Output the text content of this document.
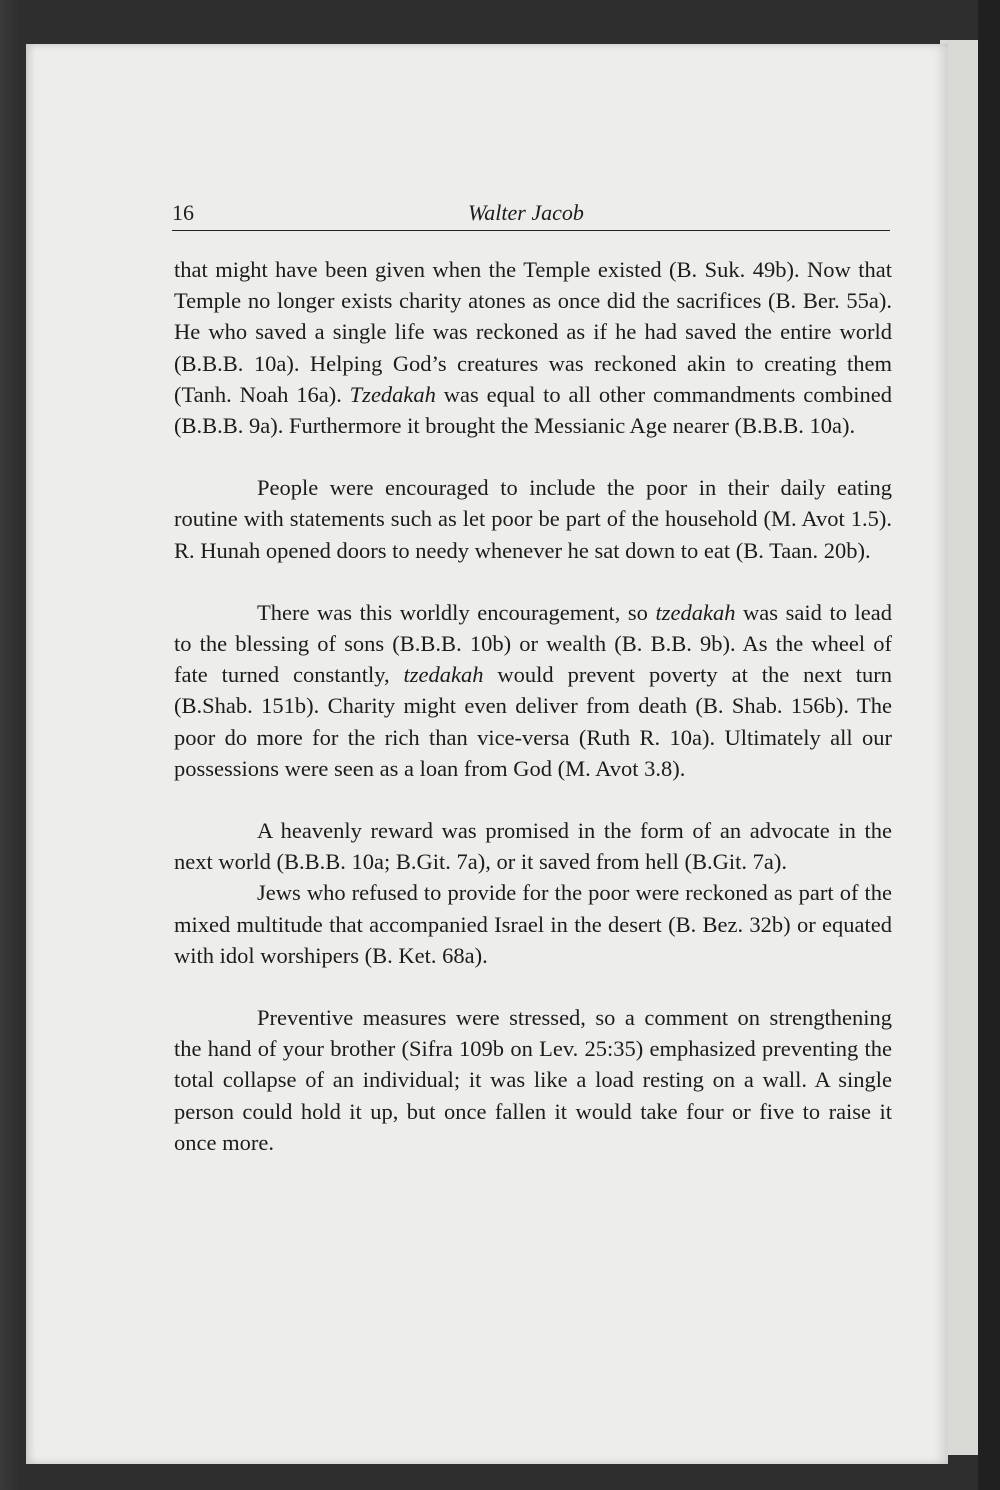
16	Walter Jacob

that might have been given when the Temple existed (B. Suk. 49b). Now that Temple no longer exists charity atones as once did the sacrifices (B. Ber. 55a). He who saved a single life was reckoned as if he had saved the entire world (B.B.B. 10a). Helping God’s creatures was reckoned akin to creating them (Tanh. Noah 16a). Tzedakah was equal to all other commandments combined (B.B.B. 9a). Furthermore it brought the Messianic Age nearer (B.B.B. 10a).

People were encouraged to include the poor in their daily eating routine with statements such as let poor be part of the household (M. Avot 1.5). R. Hunah opened doors to needy whenever he sat down to eat (B. Taan. 20b).

There was this worldly encouragement, so tzedakah was said to lead to the blessing of sons (B.B.B. 10b) or wealth (B. B.B. 9b). As the wheel of fate turned constantly, tzedakah would prevent poverty at the next turn (B.Shab. 151b). Charity might even deliver from death (B. Shab. 156b). The poor do more for the rich than vice-versa (Ruth R. 10a). Ultimately all our possessions were seen as a loan from God (M. Avot 3.8).

A heavenly reward was promised in the form of an advocate in the next world (B.B.B. 10a; B.Git. 7a), or it saved from hell (B.Git. 7a).

Jews who refused to provide for the poor were reckoned as part of the mixed multitude that accompanied Israel in the desert (B. Bez. 32b) or equated with idol worshipers (B. Ket. 68a).

Preventive measures were stressed, so a comment on strengthening the hand of your brother (Sifra 109b on Lev. 25:35) emphasized preventing the total collapse of an individual; it was like a load resting on a wall. A single person could hold it up, but once fallen it would take four or five to raise it once more.
